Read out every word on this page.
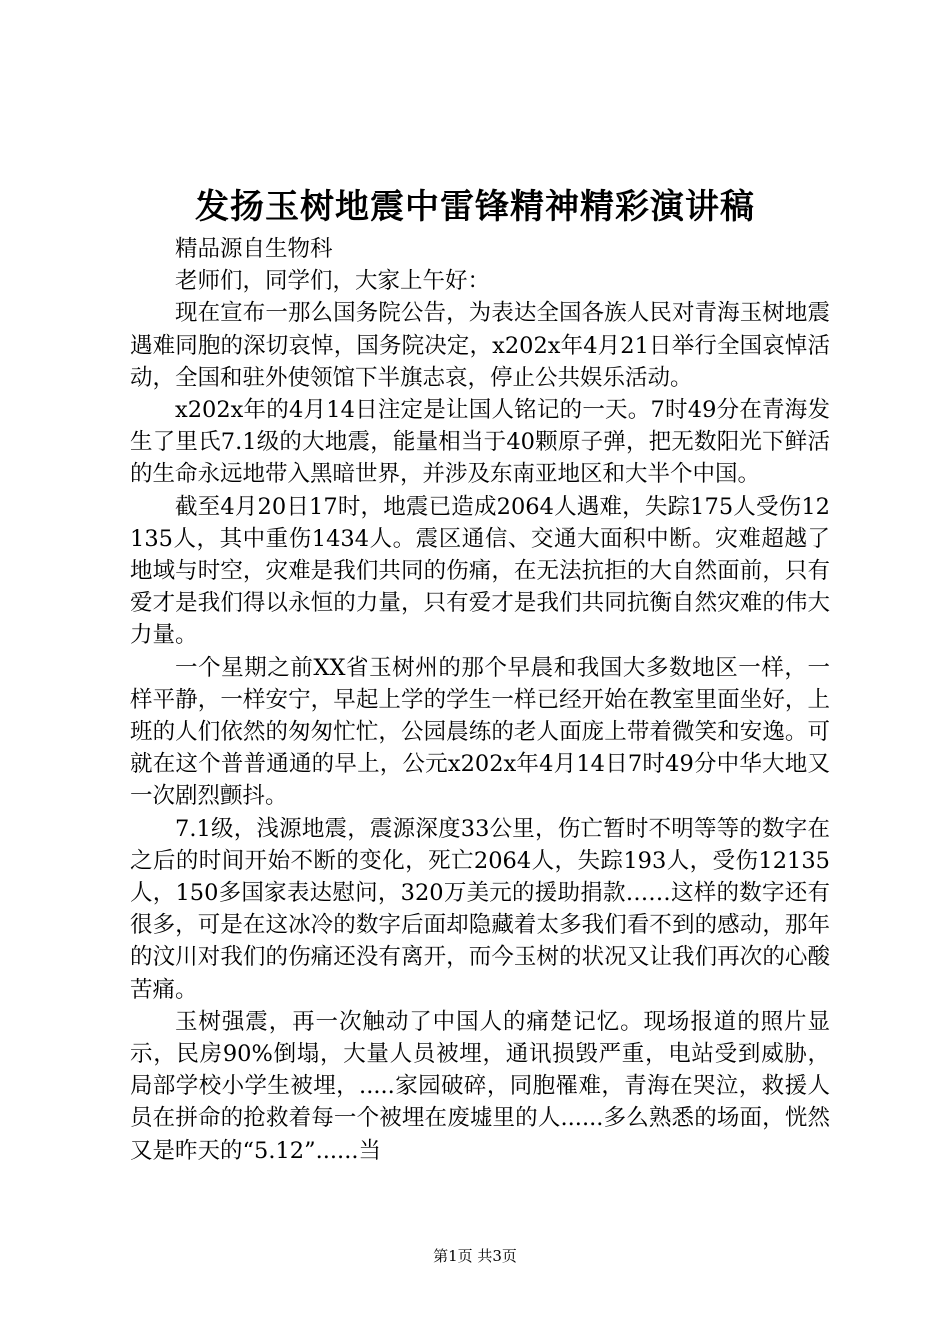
发扬玉树地震中雷锋精神精彩演讲稿

精品源自生物科

老师们，同学们，大家上午好：

现在宣布一那么国务院公告，为表达全国各族人民对青海玉树地震遇难同胞的深切哀悼，国务院决定，x202x年4月21日举行全国哀悼活动，全国和驻外使领馆下半旗志哀，停止公共娱乐活动。

x202x年的4月14日注定是让国人铭记的一天。7时49分在青海发生了里氏7.1级的大地震，能量相当于40颗原子弹，把无数阳光下鲜活的生命永远地带入黑暗世界，并涉及东南亚地区和大半个中国。

截至4月20日17时，地震已造成2064人遇难，失踪175人受伤12135人，其中重伤1434人。震区通信、交通大面积中断。灾难超越了地域与时空，灾难是我们共同的伤痛，在无法抗拒的大自然面前，只有爱才是我们得以永恒的力量，只有爱才是我们共同抗衡自然灾难的伟大力量。

一个星期之前XX省玉树州的那个早晨和我国大多数地区一样，一样平静，一样安宁，早起上学的学生一样已经开始在教室里面坐好，上班的人们依然的匆匆忙忙，公园晨练的老人面庞上带着微笑和安逸。可就在这个普普通通的早上，公元x202x年4月14日7时49分中华大地又一次剧烈颤抖。

7.1级，浅源地震，震源深度33公里，伤亡暂时不明等等的数字在之后的时间开始不断的变化，死亡2064人，失踪193人，受伤12135人，150多国家表达慰问，320万美元的援助捐款……这样的数字还有很多，可是在这冰冷的数字后面却隐藏着太多我们看不到的感动，那年的汶川对我们的伤痛还没有离开，而今玉树的状况又让我们再次的心酸苦痛。

玉树强震，再一次触动了中国人的痛楚记忆。现场报道的照片显示，民房90%倒塌，大量人员被埋，通讯损毁严重，电站受到威胁，局部学校小学生被埋，.....家园破碎，同胞罹难，青海在哭泣，救援人员在拼命的抢救着每一个被埋在废墟里的人......多么熟悉的场面，恍然又是昨天的“5.12”......当

第1页 共3页
